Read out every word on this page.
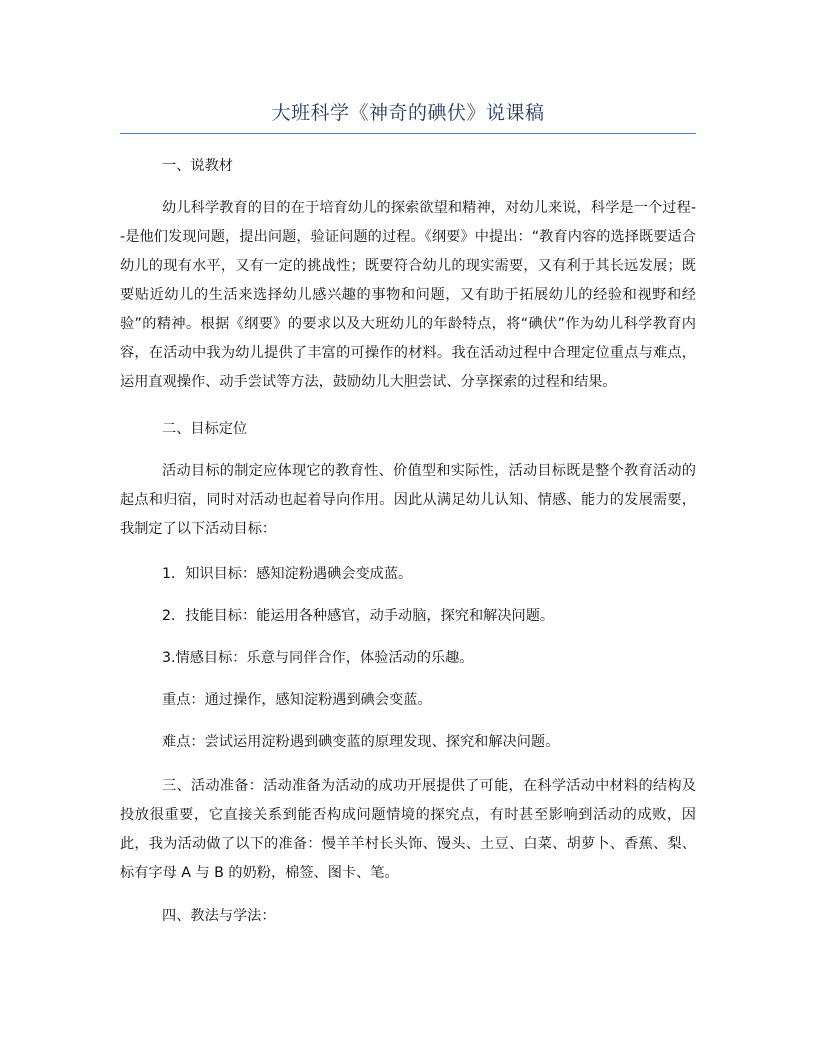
大班科学《神奇的碘伏》说课稿
一、说教材
幼儿科学教育的目的在于培育幼儿的探索欲望和精神，对幼儿来说，科学是一个过程--是他们发现问题，提出问题，验证问题的过程。《纲要》中提出：“教育内容的选择既要适合幼儿的现有水平，又有一定的挑战性；既要符合幼儿的现实需要，又有利于其长远发展；既要贴近幼儿的生活来选择幼儿感兴趣的事物和问题，又有助于拓展幼儿的经验和视野和经验”的精神。根据《纲要》的要求以及大班幼儿的年龄特点，将“碘伏”作为幼儿科学教育内容，在活动中我为幼儿提供了丰富的可操作的材料。我在活动过程中合理定位重点与难点，运用直观操作、动手尝试等方法，鼓励幼儿大胆尝试、分享探索的过程和结果。
二、目标定位
活动目标的制定应体现它的教育性、价值型和实际性，活动目标既是整个教育活动的起点和归宿，同时对活动也起着导向作用。因此从满足幼儿认知、情感、能力的发展需要，我制定了以下活动目标：
1．知识目标：感知淀粉遇碘会变成蓝。
2．技能目标：能运用各种感官，动手动脑，探究和解决问题。
3.情感目标：乐意与同伴合作，体验活动的乐趣。
重点：通过操作，感知淀粉遇到碘会变蓝。
难点：尝试运用淀粉遇到碘变蓝的原理发现、探究和解决问题。
三、活动准备：活动准备为活动的成功开展提供了可能，在科学活动中材料的结构及投放很重要，它直接关系到能否构成问题情境的探究点，有时甚至影响到活动的成败，因此，我为活动做了以下的准备：慢羊羊村长头饰、馒头、土豆、白菜、胡萝卜、香蕉、梨、标有字母 A 与 B 的奶粉，棉签、图卡、笔。
四、教法与学法：
